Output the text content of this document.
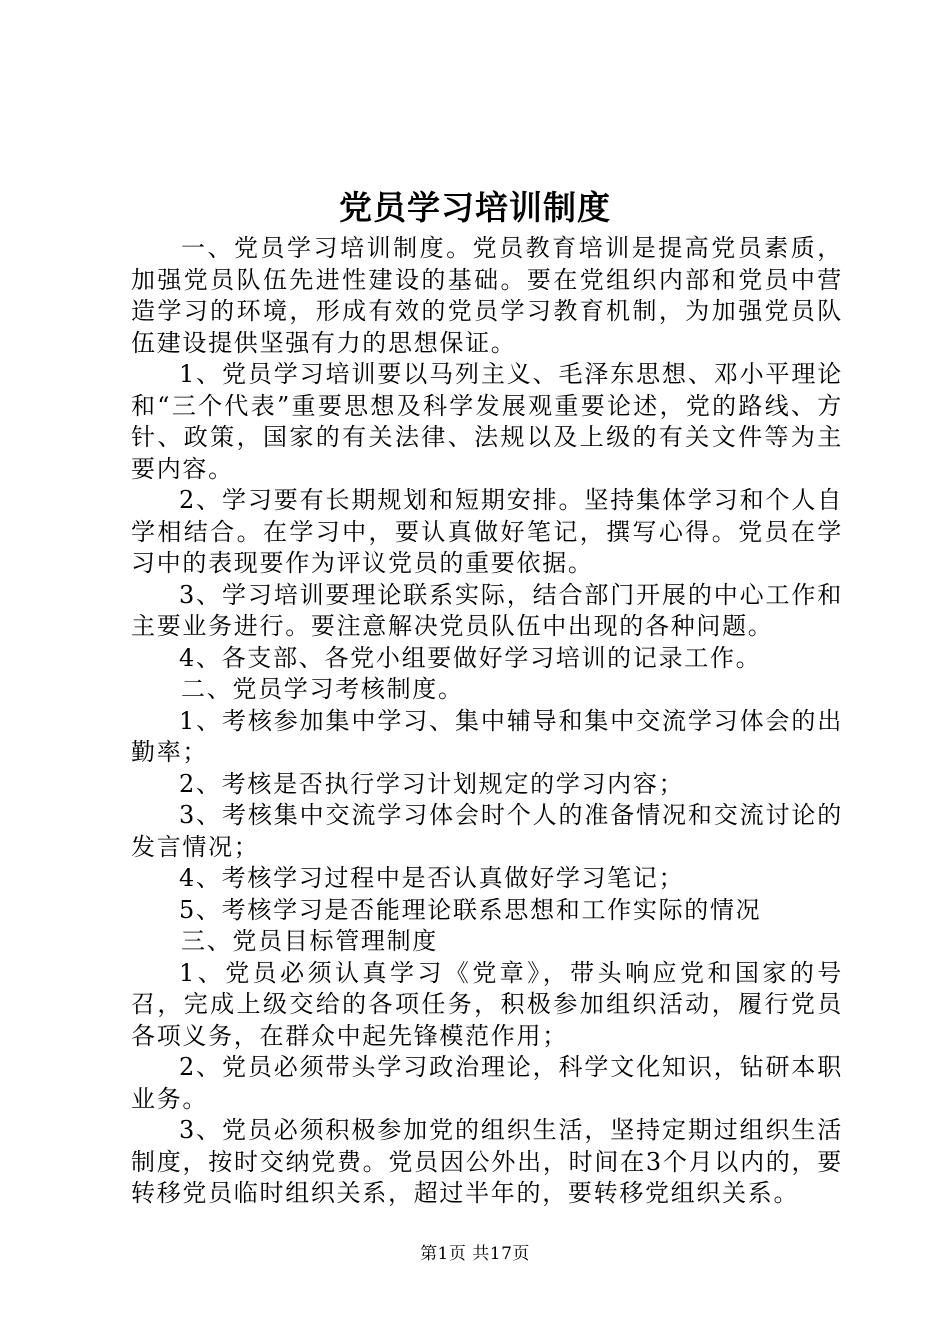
党员学习培训制度

一、党员学习培训制度。党员教育培训是提高党员素质，加强党员队伍先进性建设的基础。要在党组织内部和党员中营造学习的环境，形成有效的党员学习教育机制，为加强党员队伍建设提供坚强有力的思想保证。

1、党员学习培训要以马列主义、毛泽东思想、邓小平理论和“三个代表”重要思想及科学发展观重要论述，党的路线、方针、政策，国家的有关法律、法规以及上级的有关文件等为主要内容。

2、学习要有长期规划和短期安排。坚持集体学习和个人自学相结合。在学习中，要认真做好笔记，撰写心得。党员在学习中的表现要作为评议党员的重要依据。

3、学习培训要理论联系实际，结合部门开展的中心工作和主要业务进行。要注意解决党员队伍中出现的各种问题。

4、各支部、各党小组要做好学习培训的记录工作。

二、党员学习考核制度。

1、考核参加集中学习、集中辅导和集中交流学习体会的出勤率；

2、考核是否执行学习计划规定的学习内容；

3、考核集中交流学习体会时个人的准备情况和交流讨论的发言情况；

4、考核学习过程中是否认真做好学习笔记；

5、考核学习是否能理论联系思想和工作实际的情况

三、党员目标管理制度

1、党员必须认真学习《党章》，带头响应党和国家的号召，完成上级交给的各项任务，积极参加组织活动，履行党员各项义务，在群众中起先锋模范作用；

2、党员必须带头学习政治理论，科学文化知识，钻研本职业务。

3、党员必须积极参加党的组织生活，坚持定期过组织生活制度，按时交纳党费。党员因公外出，时间在3个月以内的，要转移党员临时组织关系，超过半年的，要转移党组织关系。

第1页 共17页
